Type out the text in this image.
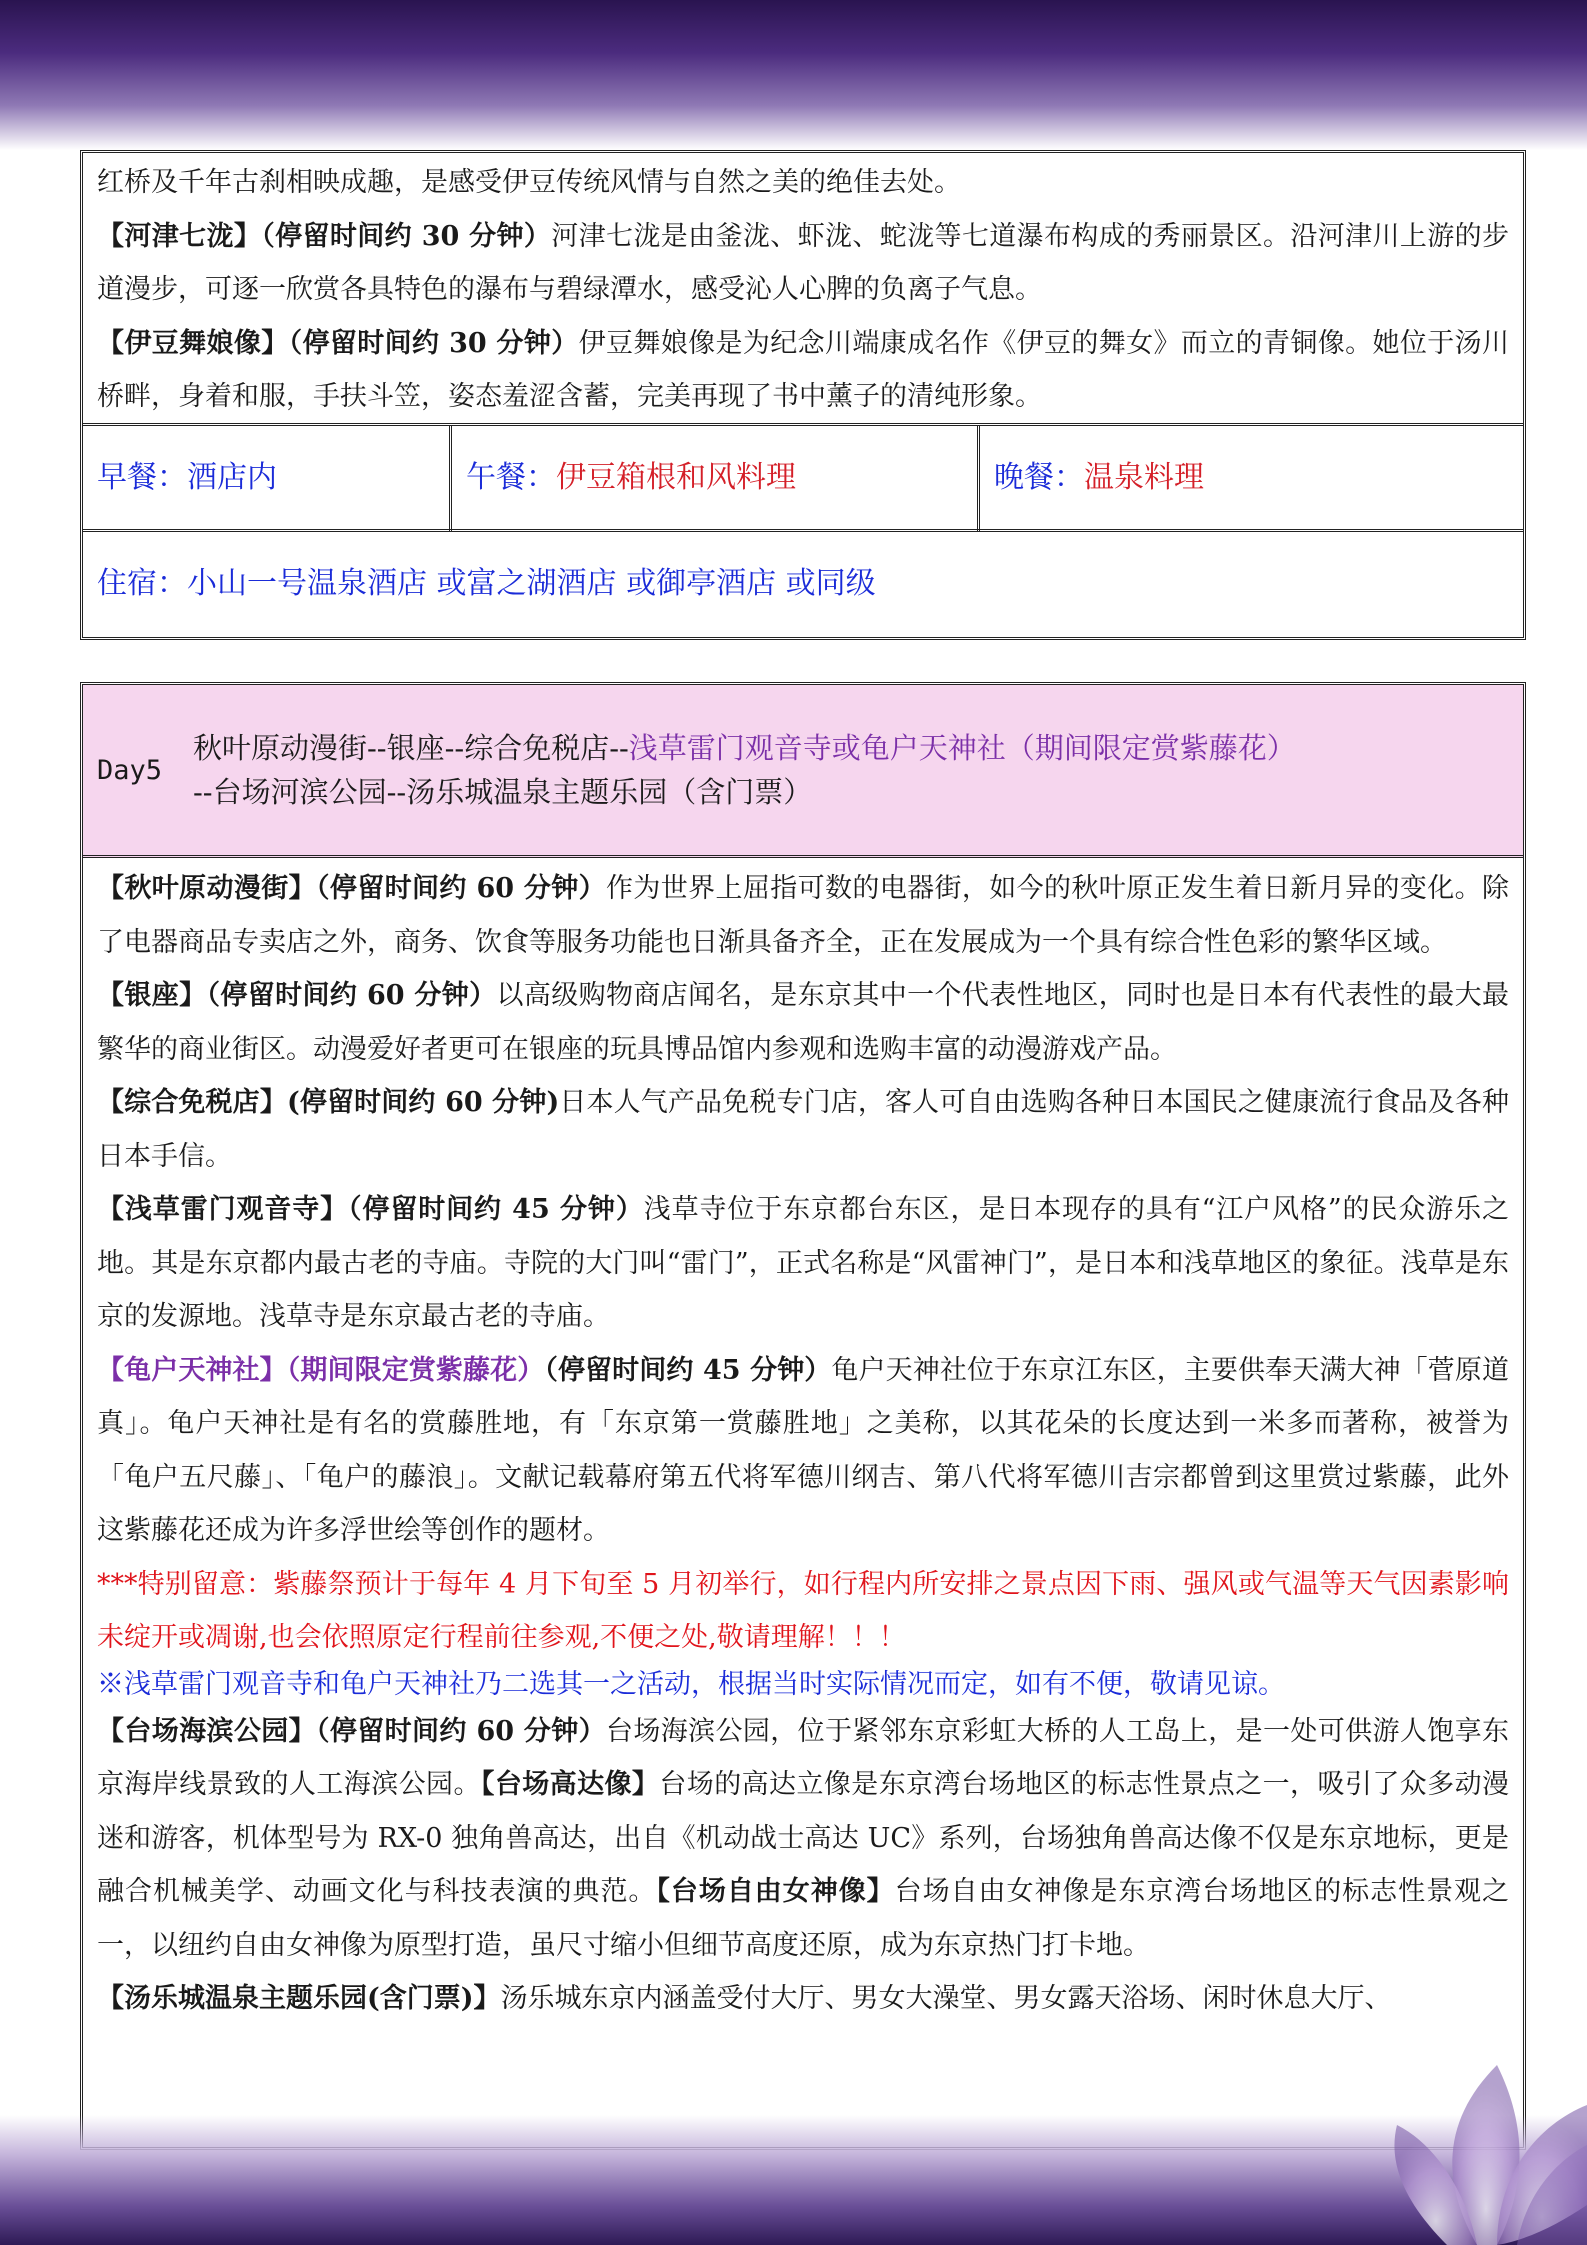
红桥及千年古刹相映成趣，是感受伊豆传统风情与自然之美的绝佳去处。
【河津七泷】（停留时间约 30 分钟）河津七泷是由釜泷、虾泷、蛇泷等七道瀑布构成的秀丽景区。沿河津川上游的步道漫步，可逐一欣赏各具特色的瀑布与碧绿潭水，感受沁人心脾的负离子气息。
【伊豆舞娘像】（停留时间约 30 分钟）伊豆舞娘像是为纪念川端康成名作《伊豆的舞女》而立的青铜像。她位于汤川桥畔，身着和服，手扶斗笠，姿态羞涩含蓄，完美再现了书中薰子的清纯形象。
早餐：酒店内	午餐：伊豆箱根和风料理	晚餐：温泉料理
住宿：小山一号温泉酒店 或富之湖酒店 或御亭酒店 或同级
Day5
秋叶原动漫街--银座--综合免税店--浅草雷门观音寺或龟户天神社（期间限定赏紫藤花）
--台场河滨公园--汤乐城温泉主题乐园（含门票）
【秋叶原动漫街】（停留时间约 60 分钟）作为世界上屈指可数的电器街，如今的秋叶原正发生着日新月异的变化。除了电器商品专卖店之外，商务、饮食等服务功能也日渐具备齐全，正在发展成为一个具有综合性色彩的繁华区域。
【银座】（停留时间约 60 分钟）以高级购物商店闻名，是东京其中一个代表性地区，同时也是日本有代表性的最大最繁华的商业街区。动漫爱好者更可在银座的玩具博品馆内参观和选购丰富的动漫游戏产品。
【综合免税店】(停留时间约 60 分钟)日本人气产品免税专门店，客人可自由选购各种日本国民之健康流行食品及各种日本手信。
【浅草雷门观音寺】（停留时间约 45 分钟）浅草寺位于东京都台东区，是日本现存的具有“江户风格”的民众游乐之地。其是东京都内最古老的寺庙。寺院的大门叫“雷门”，正式名称是“风雷神门”，是日本和浅草地区的象征。浅草是东京的发源地。浅草寺是东京最古老的寺庙。
【龟户天神社】（期间限定赏紫藤花）（停留时间约 45 分钟）龟户天神社位于东京江东区，主要供奉天满大神「菅原道真」。龟户天神社是有名的赏藤胜地，有「东京第一赏藤胜地」之美称，以其花朵的长度达到一米多而著称，被誉为「龟户五尺藤」、「龟户的藤浪」。文献记载幕府第五代将军德川纲吉、第八代将军德川吉宗都曾到这里赏过紫藤，此外这紫藤花还成为许多浮世绘等创作的题材。
***特别留意：紫藤祭预计于每年 4 月下旬至 5 月初举行，如行程内所安排之景点因下雨、强风或气温等天气因素影响未绽开或凋谢,也会依照原定行程前往参观,不便之处,敬请理解！！！
※浅草雷门观音寺和龟户天神社乃二选其一之活动，根据当时实际情况而定，如有不便，敬请见谅。
【台场海滨公园】（停留时间约 60 分钟）台场海滨公园，位于紧邻东京彩虹大桥的人工岛上，是一处可供游人饱享东京海岸线景致的人工海滨公园。【台场高达像】台场的高达立像是东京湾台场地区的标志性景点之一，吸引了众多动漫迷和游客，机体型号为 RX-0 独角兽高达，出自《机动战士高达 UC》系列，台场独角兽高达像不仅是东京地标，更是融合机械美学、动画文化与科技表演的典范。【台场自由女神像】台场自由女神像是东京湾台场地区的标志性景观之一，以纽约自由女神像为原型打造，虽尺寸缩小但细节高度还原，成为东京热门打卡地。
【汤乐城温泉主题乐园(含门票)】汤乐城东京内涵盖受付大厅、男女大澡堂、男女露天浴场、闲时休息大厅、
